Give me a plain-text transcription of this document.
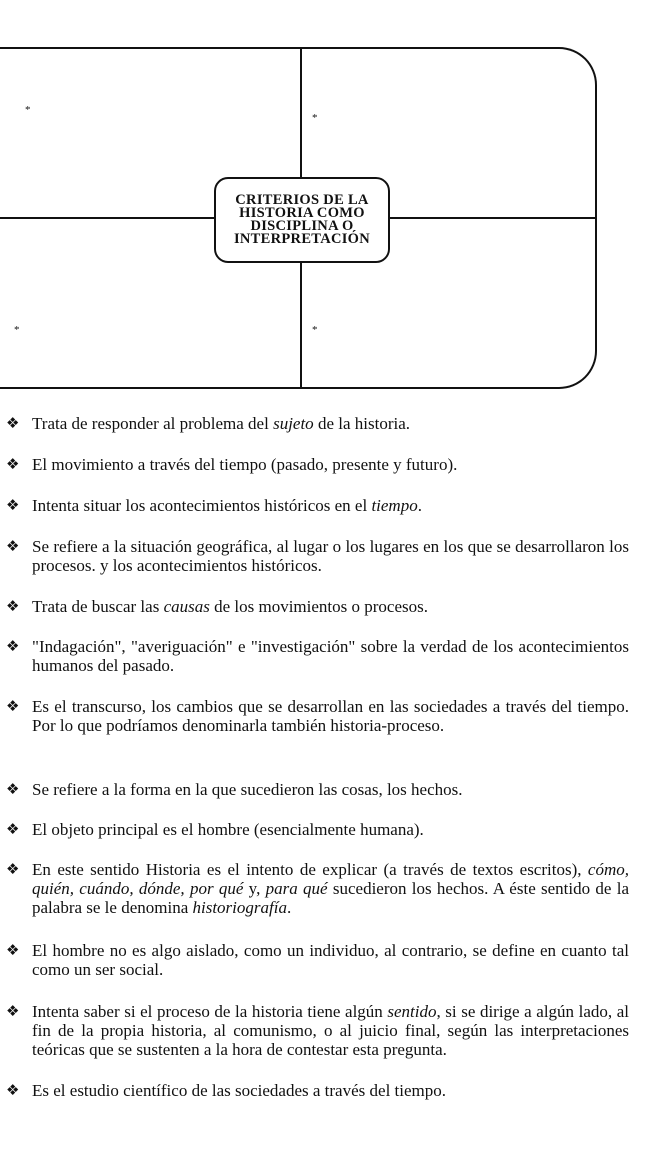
*
*
*	*
CRITERIOS DE LA HISTORIA COMO DISCIPLINA O INTERPRETACIÓN
❖ Trata de responder al problema del sujeto de la historia.
❖ El movimiento a través del tiempo (pasado, presente y futuro).
❖ Intenta situar los acontecimientos históricos en el tiempo.
❖ Se refiere a la situación geográfica, al lugar o los lugares en los que se desarrollaron los procesos. y los acontecimientos históricos.
❖ Trata de buscar las causas de los movimientos o procesos.
❖ "Indagación", "averiguación" e "investigación" sobre la verdad de los acontecimientos humanos del pasado.
❖ Es el transcurso, los cambios que se desarrollan en las sociedades a través del tiempo. Por lo que podríamos denominarla también historia-proceso.
❖ Se refiere a la forma en la que sucedieron las cosas, los hechos.
❖ El objeto principal es el hombre (esencialmente humana).
❖ En este sentido Historia es el intento de explicar (a través de textos escritos), cómo, quién, cuándo, dónde, por qué y, para qué sucedieron los hechos. A éste sentido de la palabra se le denomina historiografía.
❖ El hombre no es algo aislado, como un individuo, al contrario, se define en cuanto tal como un ser social.
❖ Intenta saber si el proceso de la historia tiene algún sentido, si se dirige a algún lado, al fin de la propia historia, al comunismo, o al juicio final, según las interpretaciones teóricas que se sustenten a la hora de contestar esta pregunta.
❖ Es el estudio científico de las sociedades a través del tiempo.
